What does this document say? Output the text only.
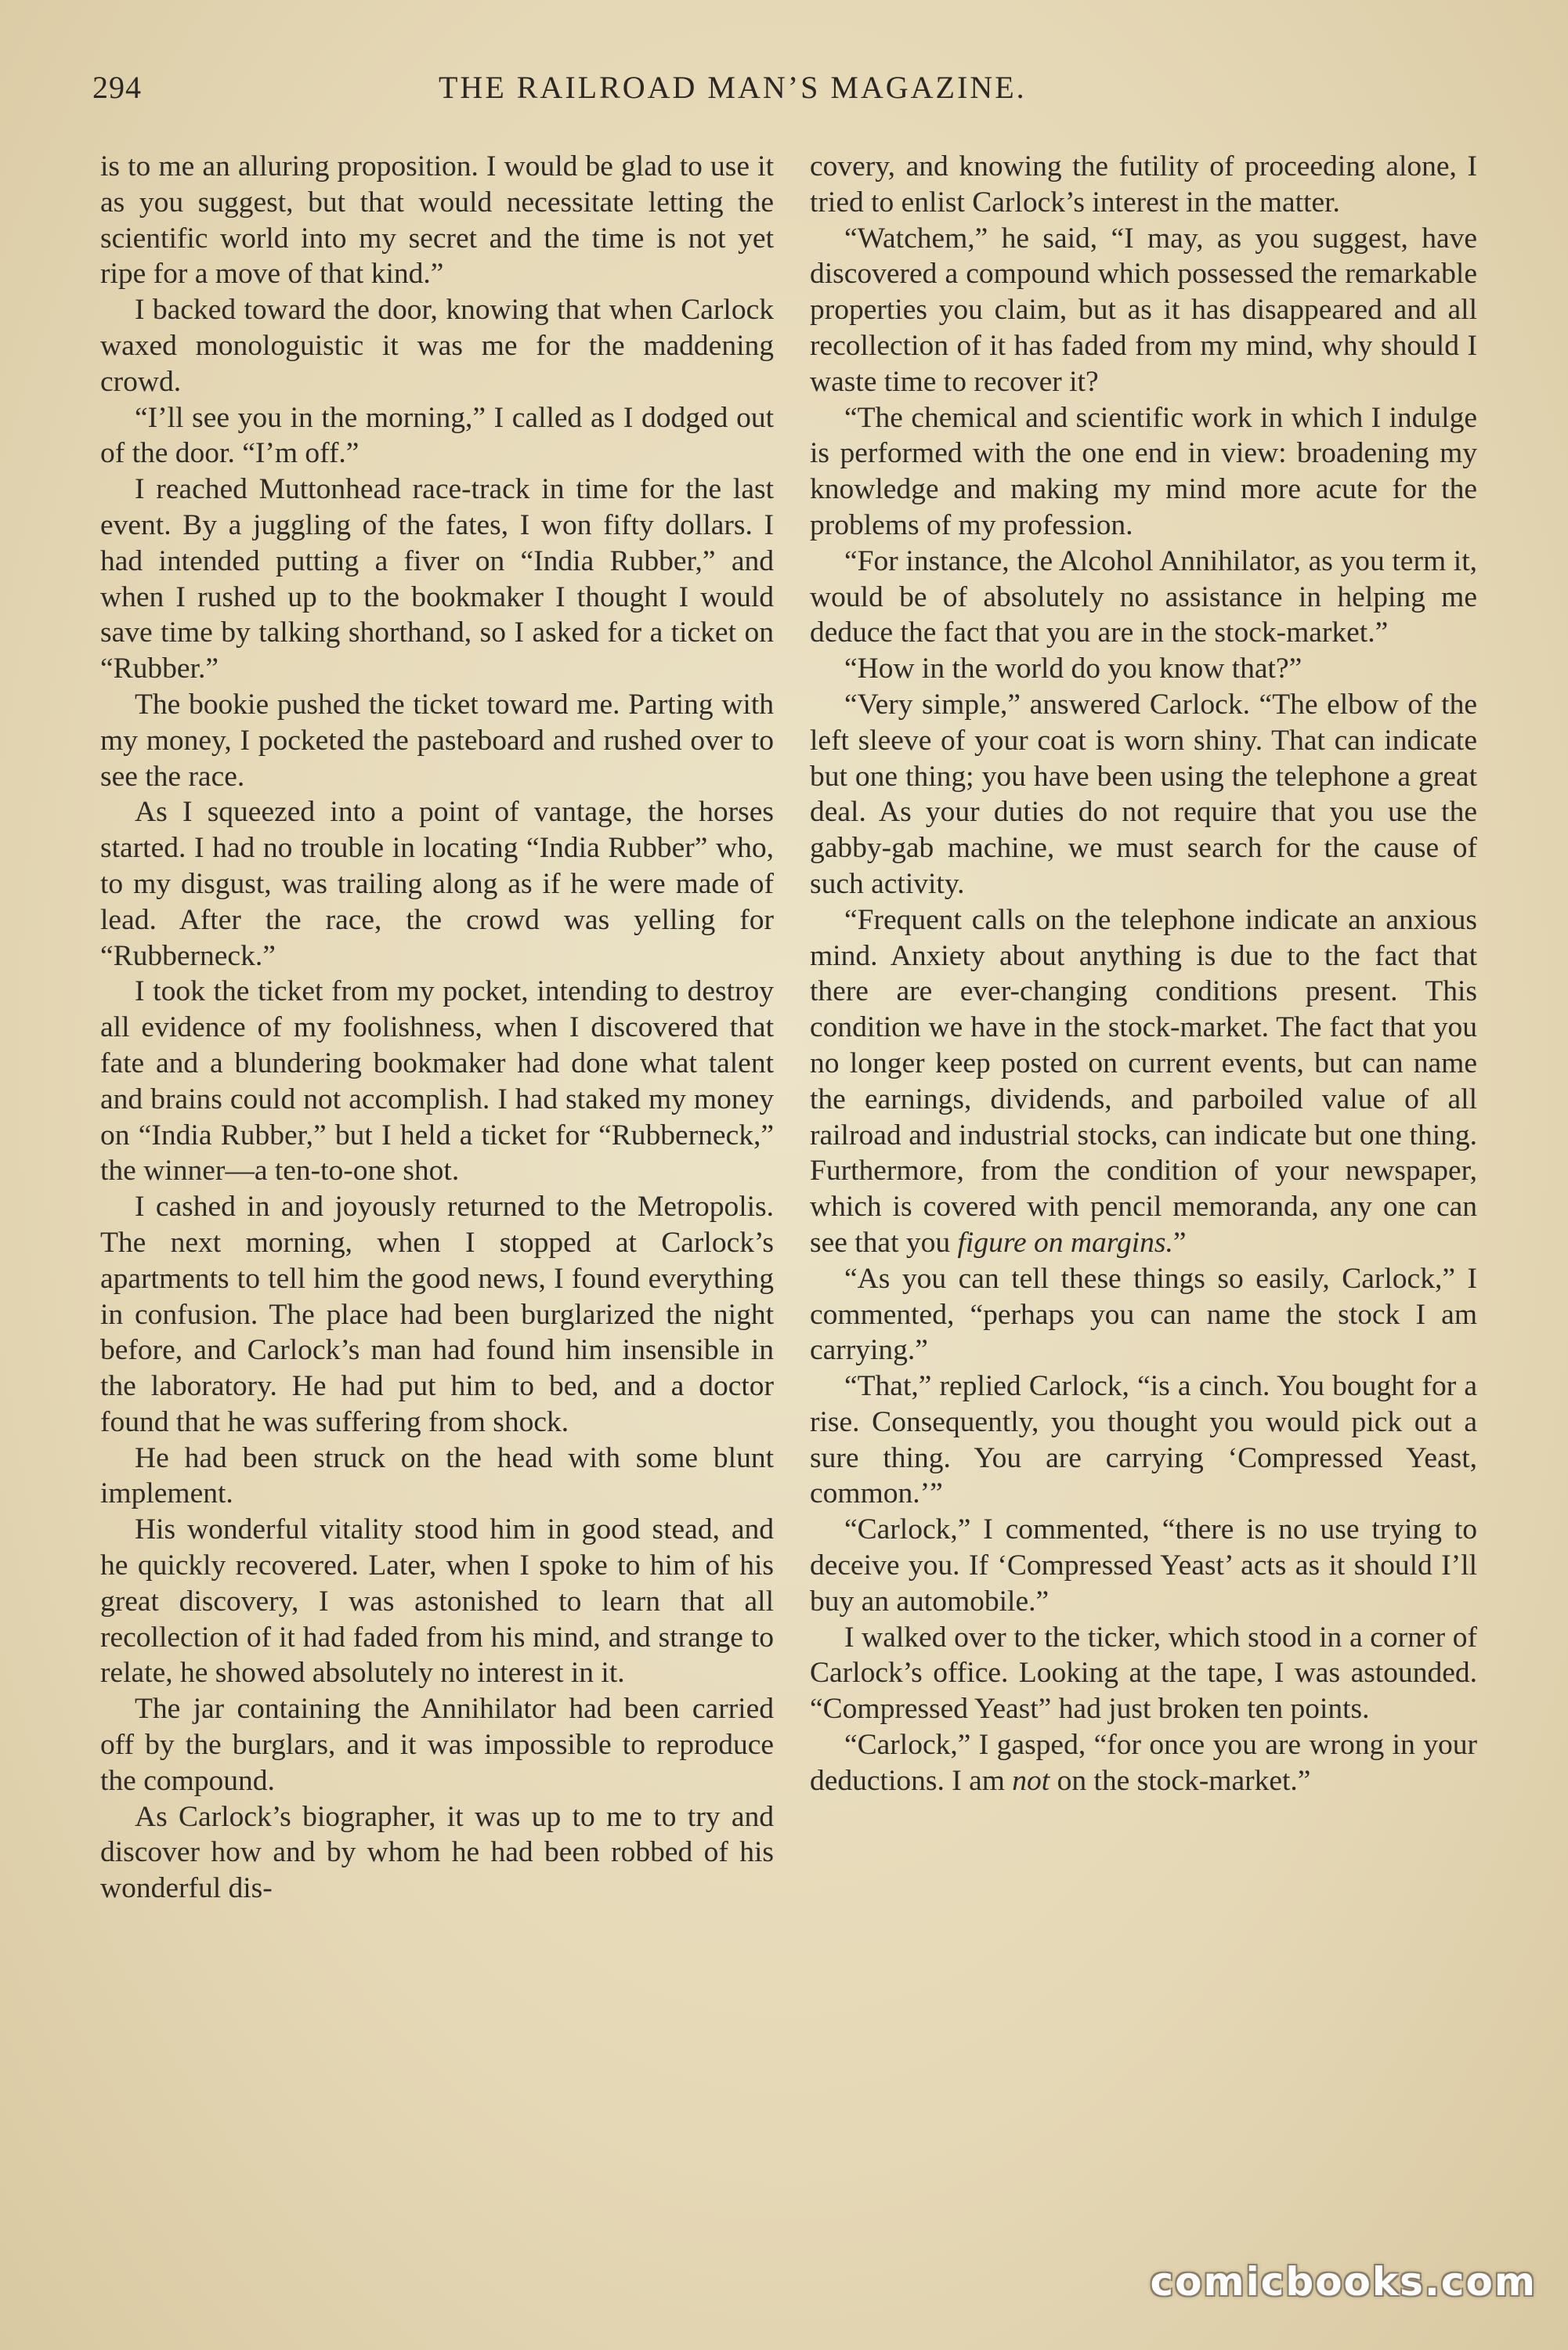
294	THE RAILROAD MAN’S MAGAZINE.

is to me an alluring proposition. I would be glad to use it as you suggest, but that would necessitate letting the scientific world into my secret and the time is not yet ripe for a move of that kind.”

I backed toward the door, knowing that when Carlock waxed monologuistic it was me for the maddening crowd.

“I’ll see you in the morning,” I called as I dodged out of the door. “I’m off.”

I reached Muttonhead race-track in time for the last event. By a juggling of the fates, I won fifty dollars. I had intended putting a fiver on “India Rubber,” and when I rushed up to the bookmaker I thought I would save time by talking shorthand, so I asked for a ticket on “Rubber.”

The bookie pushed the ticket toward me. Parting with my money, I pocketed the pasteboard and rushed over to see the race.

As I squeezed into a point of vantage, the horses started. I had no trouble in locating “India Rubber” who, to my disgust, was trailing along as if he were made of lead. After the race, the crowd was yelling for “Rubberneck.”

I took the ticket from my pocket, intending to destroy all evidence of my foolishness, when I discovered that fate and a blundering bookmaker had done what talent and brains could not accomplish. I had staked my money on “India Rubber,” but I held a ticket for “Rubberneck,” the winner—a ten-to-one shot.

I cashed in and joyously returned to the Metropolis. The next morning, when I stopped at Carlock’s apartments to tell him the good news, I found everything in confusion. The place had been burglarized the night before, and Carlock’s man had found him insensible in the laboratory. He had put him to bed, and a doctor found that he was suffering from shock.

He had been struck on the head with some blunt implement.

His wonderful vitality stood him in good stead, and he quickly recovered. Later, when I spoke to him of his great discovery, I was astonished to learn that all recollection of it had faded from his mind, and strange to relate, he showed absolutely no interest in it.

The jar containing the Annihilator had been carried off by the burglars, and it was impossible to reproduce the compound.

As Carlock’s biographer, it was up to me to try and discover how and by whom he had been robbed of his wonderful dis-

covery, and knowing the futility of proceeding alone, I tried to enlist Carlock’s interest in the matter.

“Watchem,” he said, “I may, as you suggest, have discovered a compound which possessed the remarkable properties you claim, but as it has disappeared and all recollection of it has faded from my mind, why should I waste time to recover it?

“The chemical and scientific work in which I indulge is performed with the one end in view: broadening my knowledge and making my mind more acute for the problems of my profession.

“For instance, the Alcohol Annihilator, as you term it, would be of absolutely no assistance in helping me deduce the fact that you are in the stock-market.”

“How in the world do you know that?”

“Very simple,” answered Carlock. “The elbow of the left sleeve of your coat is worn shiny. That can indicate but one thing; you have been using the telephone a great deal. As your duties do not require that you use the gabby-gab machine, we must search for the cause of such activity.

“Frequent calls on the telephone indicate an anxious mind. Anxiety about anything is due to the fact that there are ever-changing conditions present. This condition we have in the stock-market. The fact that you no longer keep posted on current events, but can name the earnings, dividends, and parboiled value of all railroad and industrial stocks, can indicate but one thing. Furthermore, from the condition of your newspaper, which is covered with pencil memoranda, any one can see that you figure on margins.”

“As you can tell these things so easily, Carlock,” I commented, “perhaps you can name the stock I am carrying.”

“That,” replied Carlock, “is a cinch. You bought for a rise. Consequently, you thought you would pick out a sure thing. You are carrying ‘Compressed Yeast, common.’”

“Carlock,” I commented, “there is no use trying to deceive you. If ‘Compressed Yeast’ acts as it should I’ll buy an automobile.”

I walked over to the ticker, which stood in a corner of Carlock’s office. Looking at the tape, I was astounded. “Compressed Yeast” had just broken ten points.

“Carlock,” I gasped, “for once you are wrong in your deductions. I am not on the stock-market.”

comicbooks.com
